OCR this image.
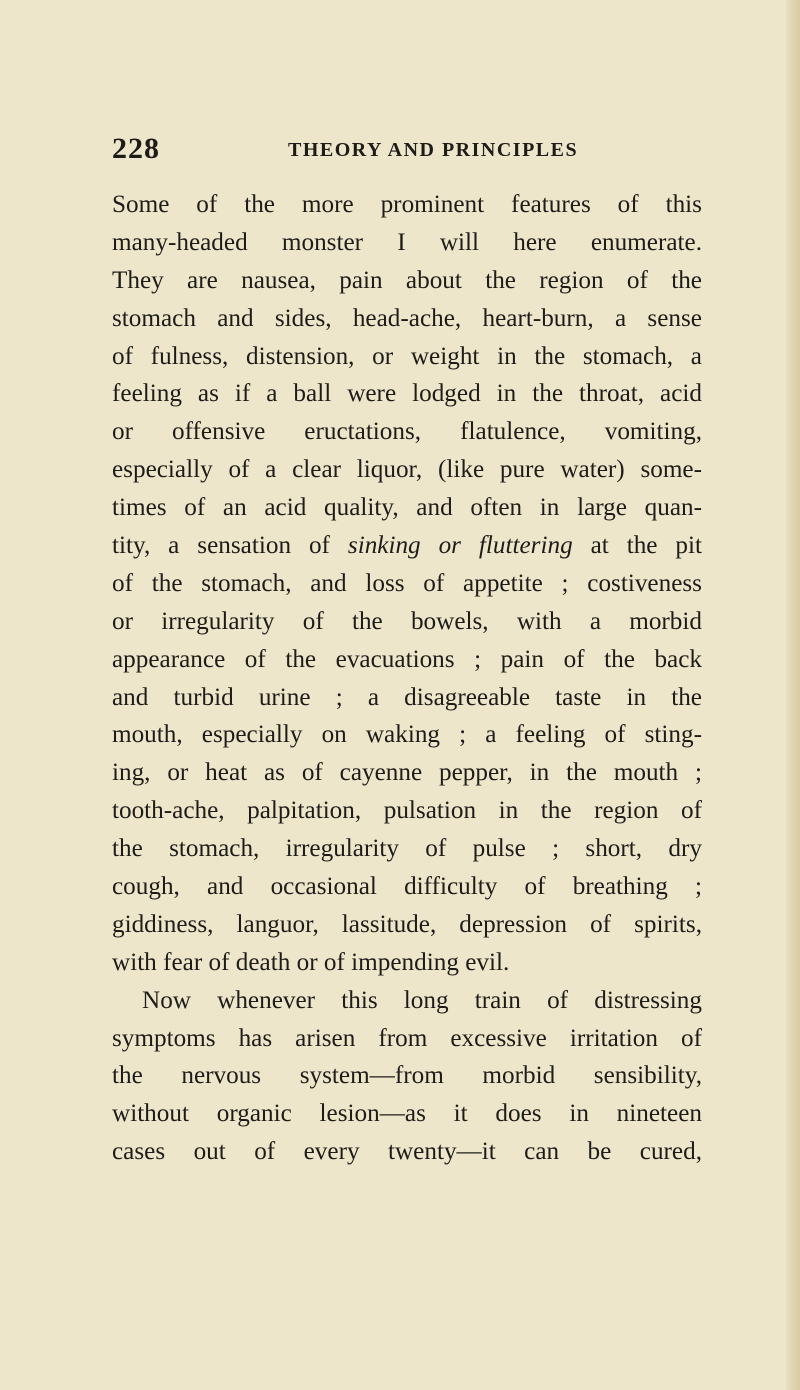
228	THEORY AND PRINCIPLES
Some of the more prominent features of this
many-headed monster I will here enumerate.
They are nausea, pain about the region of the
stomach and sides, head-ache, heart-burn, a sense
of fulness, distension, or weight in the stomach, a
feeling as if a ball were lodged in the throat, acid
or offensive eructations, flatulence, vomiting,
especially of a clear liquor, (like pure water) some-
times of an acid quality, and often in large quan-
tity, a sensation of sinking or fluttering at the pit
of the stomach, and loss of appetite ; costiveness
or irregularity of the bowels, with a morbid
appearance of the evacuations ; pain of the back
and turbid urine ; a disagreeable taste in the
mouth, especially on waking ; a feeling of sting-
ing, or heat as of cayenne pepper, in the mouth ;
tooth-ache, palpitation, pulsation in the region of
the stomach, irregularity of pulse ; short, dry
cough, and occasional difficulty of breathing ;
giddiness, languor, lassitude, depression of spirits,
with fear of death or of impending evil.
Now whenever this long train of distressing
symptoms has arisen from excessive irritation of
the nervous system—from morbid sensibility,
without organic lesion—as it does in nineteen
cases out of every twenty—it can be cured,
